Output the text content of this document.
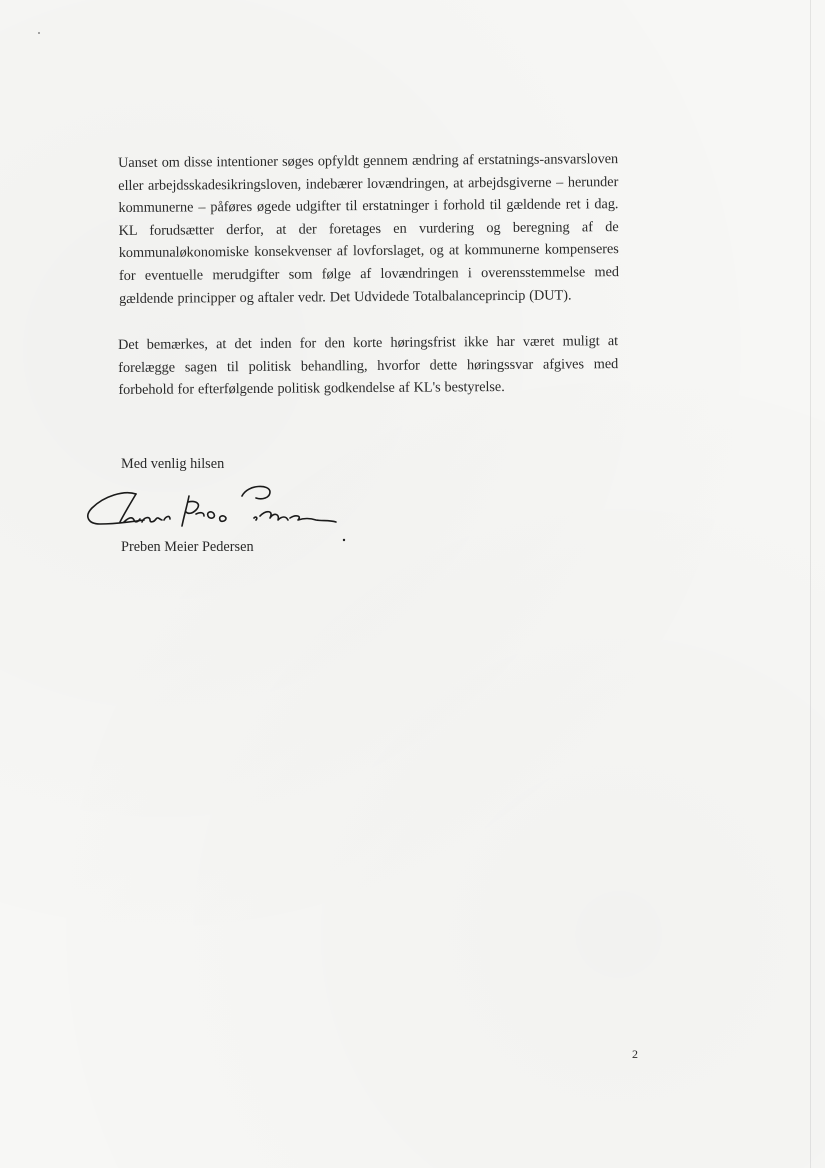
Uanset om disse intentioner søges opfyldt gennem ændring af erstatnings-ansvarsloven eller arbejdsskadesikringsloven, indebærer lovændringen, at arbejdsgiverne – herunder kommunerne – påføres øgede udgifter til erstatninger i forhold til gældende ret i dag. KL forudsætter derfor, at der foretages en vurdering og beregning af de kommunaløkonomiske konsekvenser af lovforslaget, og at kommunerne kompenseres for eventuelle merudgifter som følge af lovændringen i overensstemmelse med gældende principper og aftaler vedr. Det Udvidede Totalbalanceprincip (DUT).

Det bemærkes, at det inden for den korte høringsfrist ikke har været muligt at forelægge sagen til politisk behandling, hvorfor dette høringssvar afgives med forbehold for efterfølgende politisk godkendelse af KL's bestyrelse.

Med venlig hilsen

Preben Meier Pedersen

2
